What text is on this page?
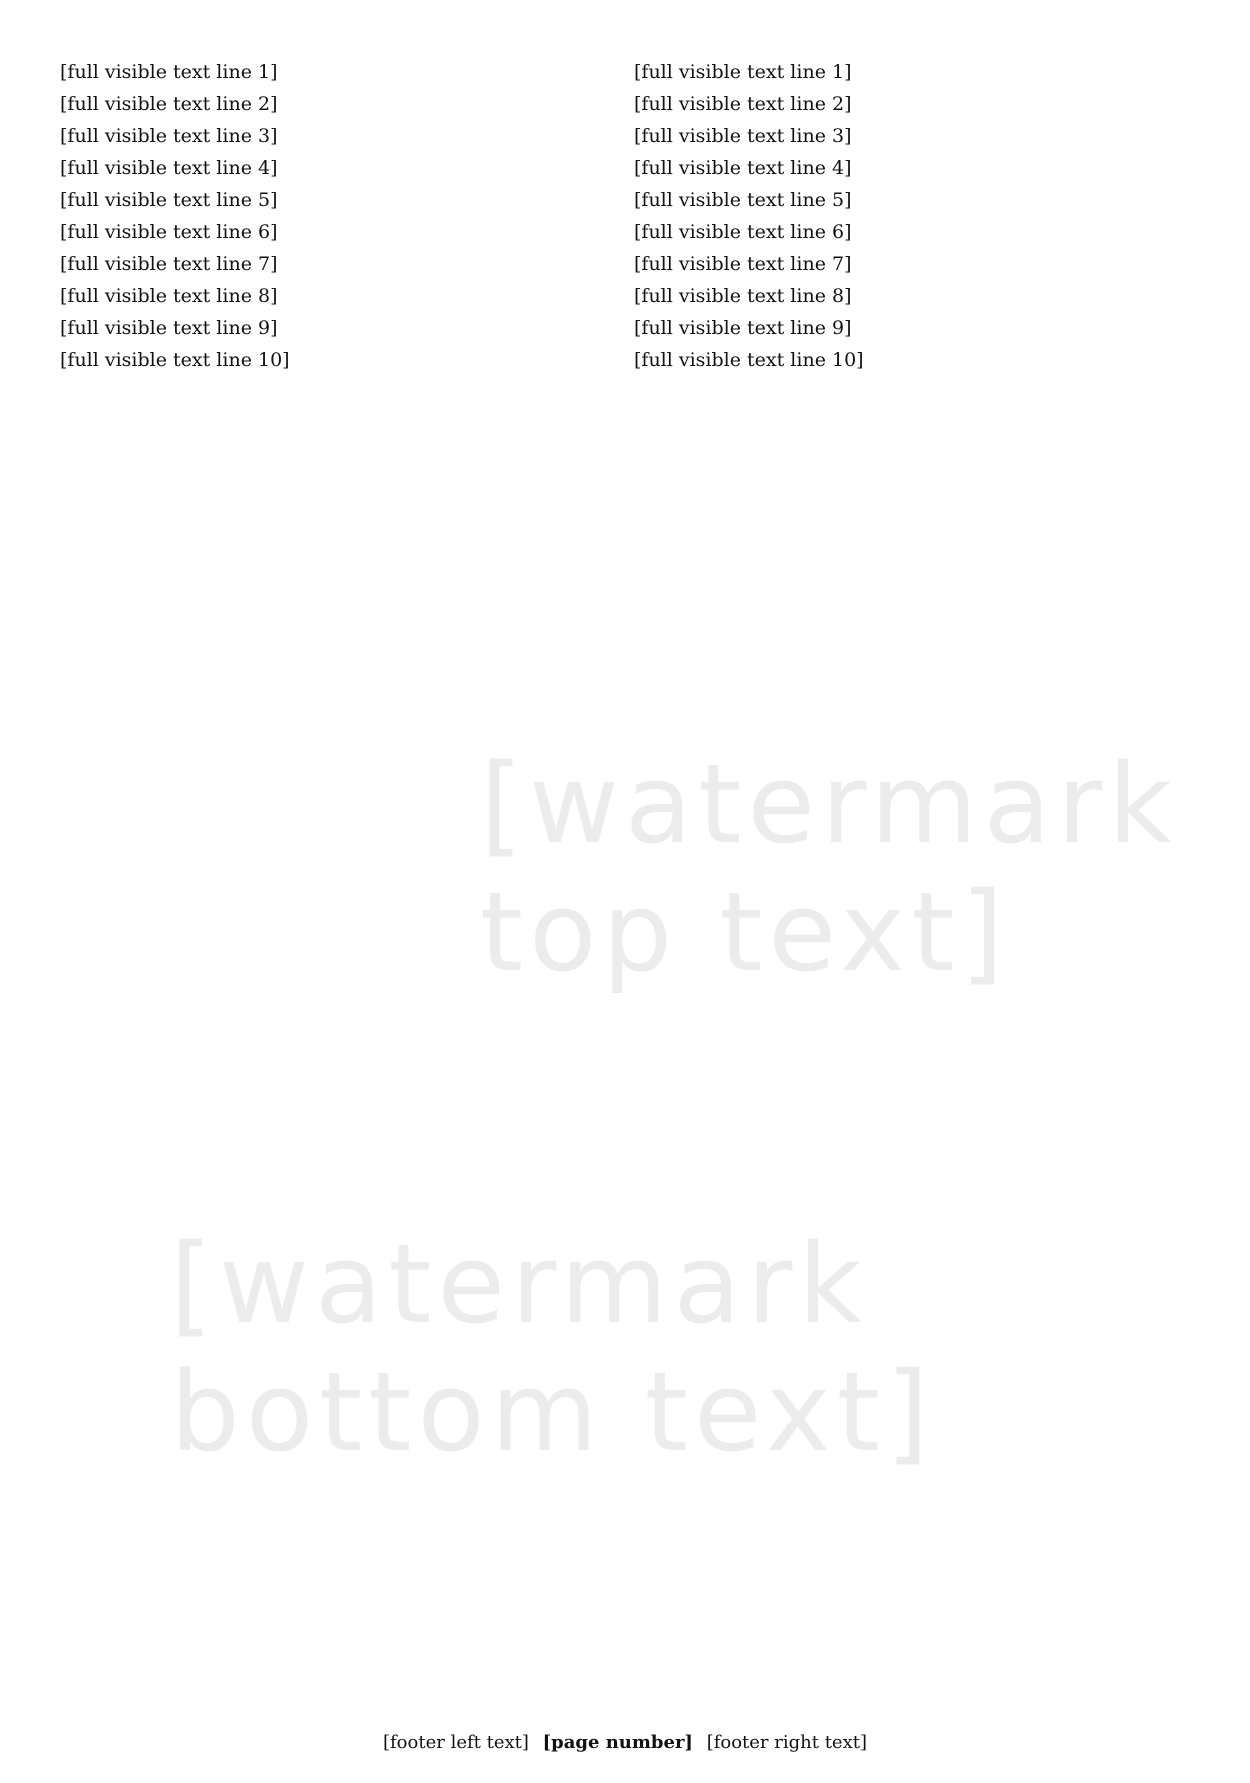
[full visible text line 1]
[full visible text line 2]
[full visible text line 3]
[full visible text line 4]
[full visible text line 5]
[full visible text line 6]
[full visible text line 7]
[full visible text line 8]
[full visible text line 9]
[full visible text line 10]
[full visible text line 1]
[full visible text line 2]
[full visible text line 3]
[full visible text line 4]
[full visible text line 5]
[full visible text line 6]
[full visible text line 7]
[full visible text line 8]
[full visible text line 9]
[full visible text line 10]
[footer left text] [page number] [footer right text]
[watermark top text]
[watermark bottom text]
